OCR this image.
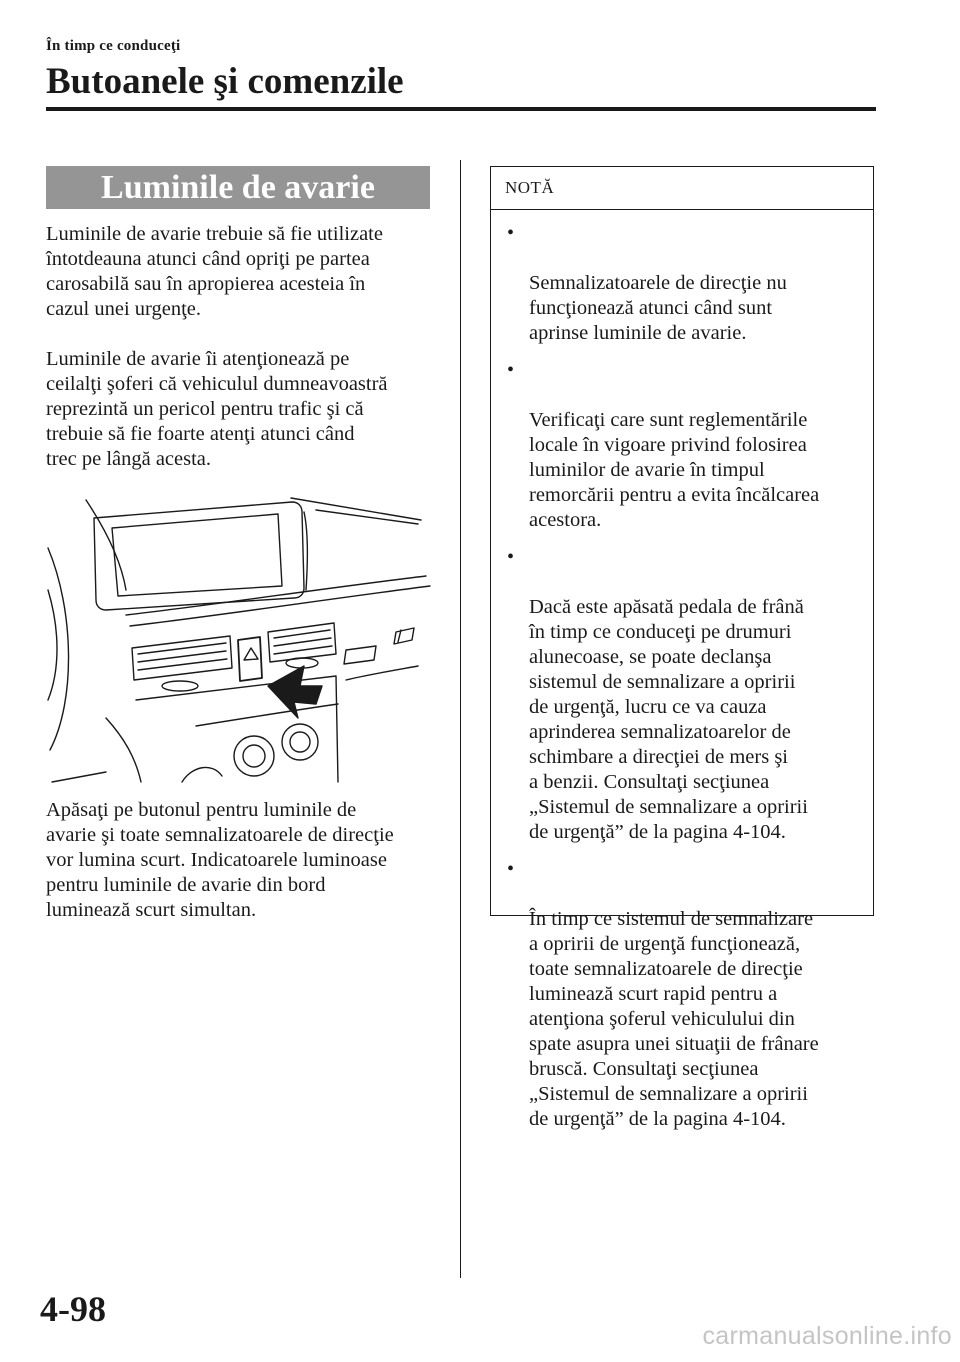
În timp ce conduceţi
Butoanele şi comenzile
Luminile de avarie

Luminile de avarie trebuie să fie utilizate
întotdeauna atunci când opriţi pe partea
carosabilă sau în apropierea acesteia în
cazul unei urgenţe.

Luminile de avarie îi atenţionează pe
ceilalţi şoferi că vehiculul dumneavoastră
reprezintă un pericol pentru trafic şi că
trebuie să fie foarte atenţi atunci când
trec pe lângă acesta.

Apăsaţi pe butonul pentru luminile de
avarie şi toate semnalizatoarele de direcţie
vor lumina scurt. Indicatoarele luminoase
pentru luminile de avarie din bord
luminează scurt simultan.

NOTĂ

•

Semnalizatoarele de direcţie nu
funcţionează atunci când sunt
aprinse luminile de avarie.

•

Verificaţi care sunt reglementările
locale în vigoare privind folosirea
luminilor de avarie în timpul
remorcării pentru a evita încălcarea
acestora.

•

Dacă este apăsată pedala de frână
în timp ce conduceţi pe drumuri
alunecoase, se poate declanşa
sistemul de semnalizare a opririi
de urgenţă, lucru ce va cauza
aprinderea semnalizatoarelor de
schimbare a direcţiei de mers şi
a benzii. Consultaţi secţiunea
„Sistemul de semnalizare a opririi
de urgenţă” de la pagina 4-104.

•

În timp ce sistemul de semnalizare
a opririi de urgenţă funcţionează,
toate semnalizatoarele de direcţie
luminează scurt rapid pentru a
atenţiona şoferul vehiculului din
spate asupra unei situaţii de frânare
bruscă. Consultaţi secţiunea
„Sistemul de semnalizare a opririi
de urgenţă” de la pagina 4-104.

4-98
carmanualsonline.info
